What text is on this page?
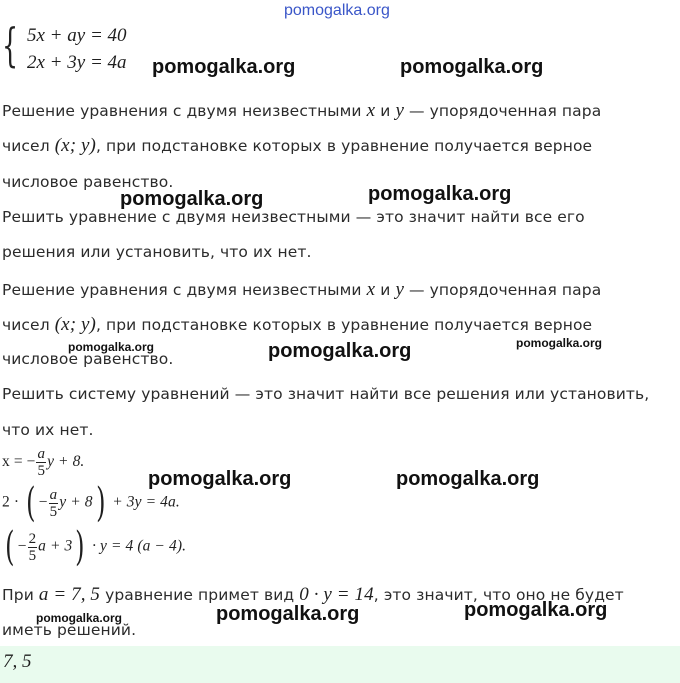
pomogalka.org
{ 5x + ay = 40
2x + 3y = 4a
Решение уравнения с двумя неизвестными x и y — упорядоченная пара
чисел (x; y), при подстановке которых в уравнение получается верное
числовое равенство.
Решить уравнение с двумя неизвестными — это значит найти все его
решения или установить, что их нет.
Решение уравнения с двумя неизвестными x и y — упорядоченная пара
чисел (x; y), при подстановке которых в уравнение получается верное
числовое равенство.
Решить систему уравнений — это значит найти все решения или установить,
что их нет.
x = − $\frac{a}{5}$ y + 8.
2 · ( − $\frac{a}{5}$ y + 8) + 3y = 4a.
( − $\frac{2}{5}$ a + 3) · y = 4 (a − 4).
При a = 7, 5 уравнение примет вид 0 · y = 14, это значит, что оно не будет
иметь решений.
7, 5
pomogalka.org	pomogalka.org
pomogalka.org	pomogalka.org
pomogalka.org	pomogalka.org	pomogalka.org
pomogalka.org	pomogalka.org
pomogalka.org	pomogalka.org	pomogalka.org
